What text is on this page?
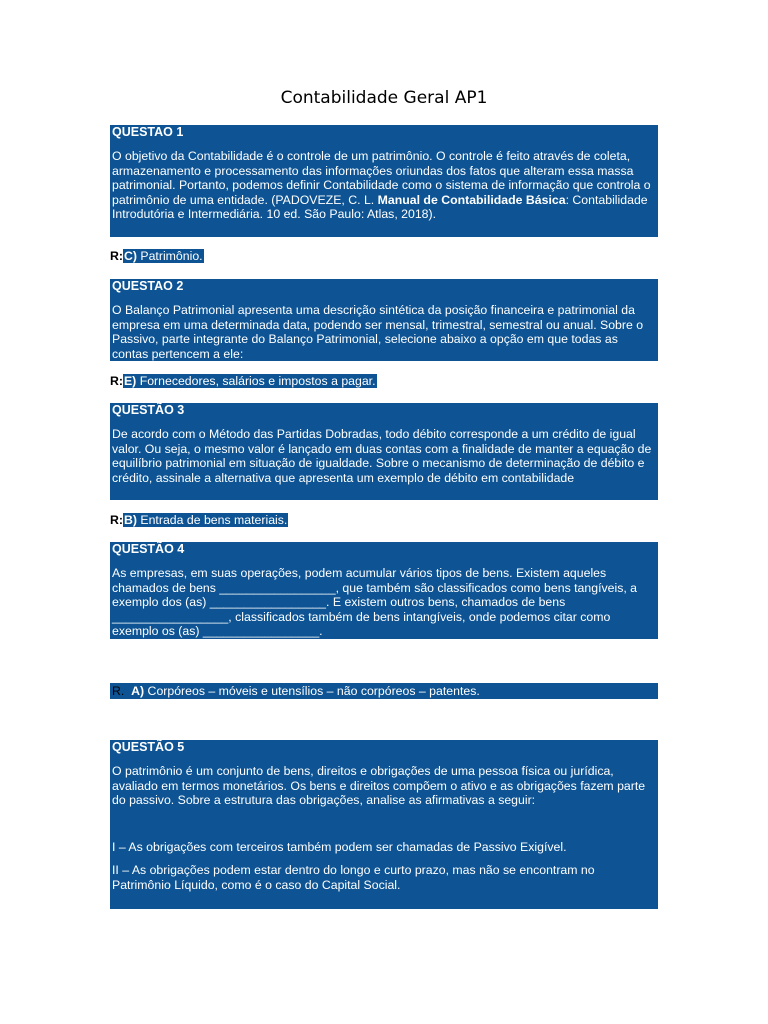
Contabilidade Geral AP1
QUESTAO 1
O objetivo da Contabilidade é o controle de um patrimônio. O controle é feito através de coleta, armazenamento e processamento das informações oriundas dos fatos que alteram essa massa patrimonial. Portanto, podemos definir Contabilidade como o sistema de informação que controla o patrimônio de uma entidade. (PADOVEZE, C. L. Manual de Contabilidade Básica: Contabilidade Introdutória e Intermediária. 10 ed. São Paulo: Atlas, 2018).
R:C) Patrimônio.
QUESTAO 2
O Balanço Patrimonial apresenta uma descrição sintética da posição financeira e patrimonial da empresa em uma determinada data, podendo ser mensal, trimestral, semestral ou anual. Sobre o Passivo, parte integrante do Balanço Patrimonial, selecione abaixo a opção em que todas as contas pertencem a ele:
R:E) Fornecedores, salários e impostos a pagar.
QUESTÃO 3
De acordo com o Método das Partidas Dobradas, todo débito corresponde a um crédito de igual valor. Ou seja, o mesmo valor é lançado em duas contas com a finalidade de manter a equação de equilíbrio patrimonial em situação de igualdade. Sobre o mecanismo de determinação de débito e crédito, assinale a alternativa que apresenta um exemplo de débito em contabilidade
R:B) Entrada de bens materiais.
QUESTÃO 4
As empresas, em suas operações, podem acumular vários tipos de bens. Existem aqueles chamados de bens _________________, que também são classificados como bens tangíveis, a exemplo dos (as) _________________. E existem outros bens, chamados de bens _________________, classificados também de bens intangíveis, onde podemos citar como exemplo os (as) _________________.
R. A) Corpóreos – móveis e utensílios – não corpóreos – patentes.
QUESTÃO 5
O patrimônio é um conjunto de bens, direitos e obrigações de uma pessoa física ou jurídica, avaliado em termos monetários. Os bens e direitos compõem o ativo e as obrigações fazem parte do passivo. Sobre a estrutura das obrigações, analise as afirmativas a seguir:
I – As obrigações com terceiros também podem ser chamadas de Passivo Exigível.
II – As obrigações podem estar dentro do longo e curto prazo, mas não se encontram no Patrimônio Líquido, como é o caso do Capital Social.
